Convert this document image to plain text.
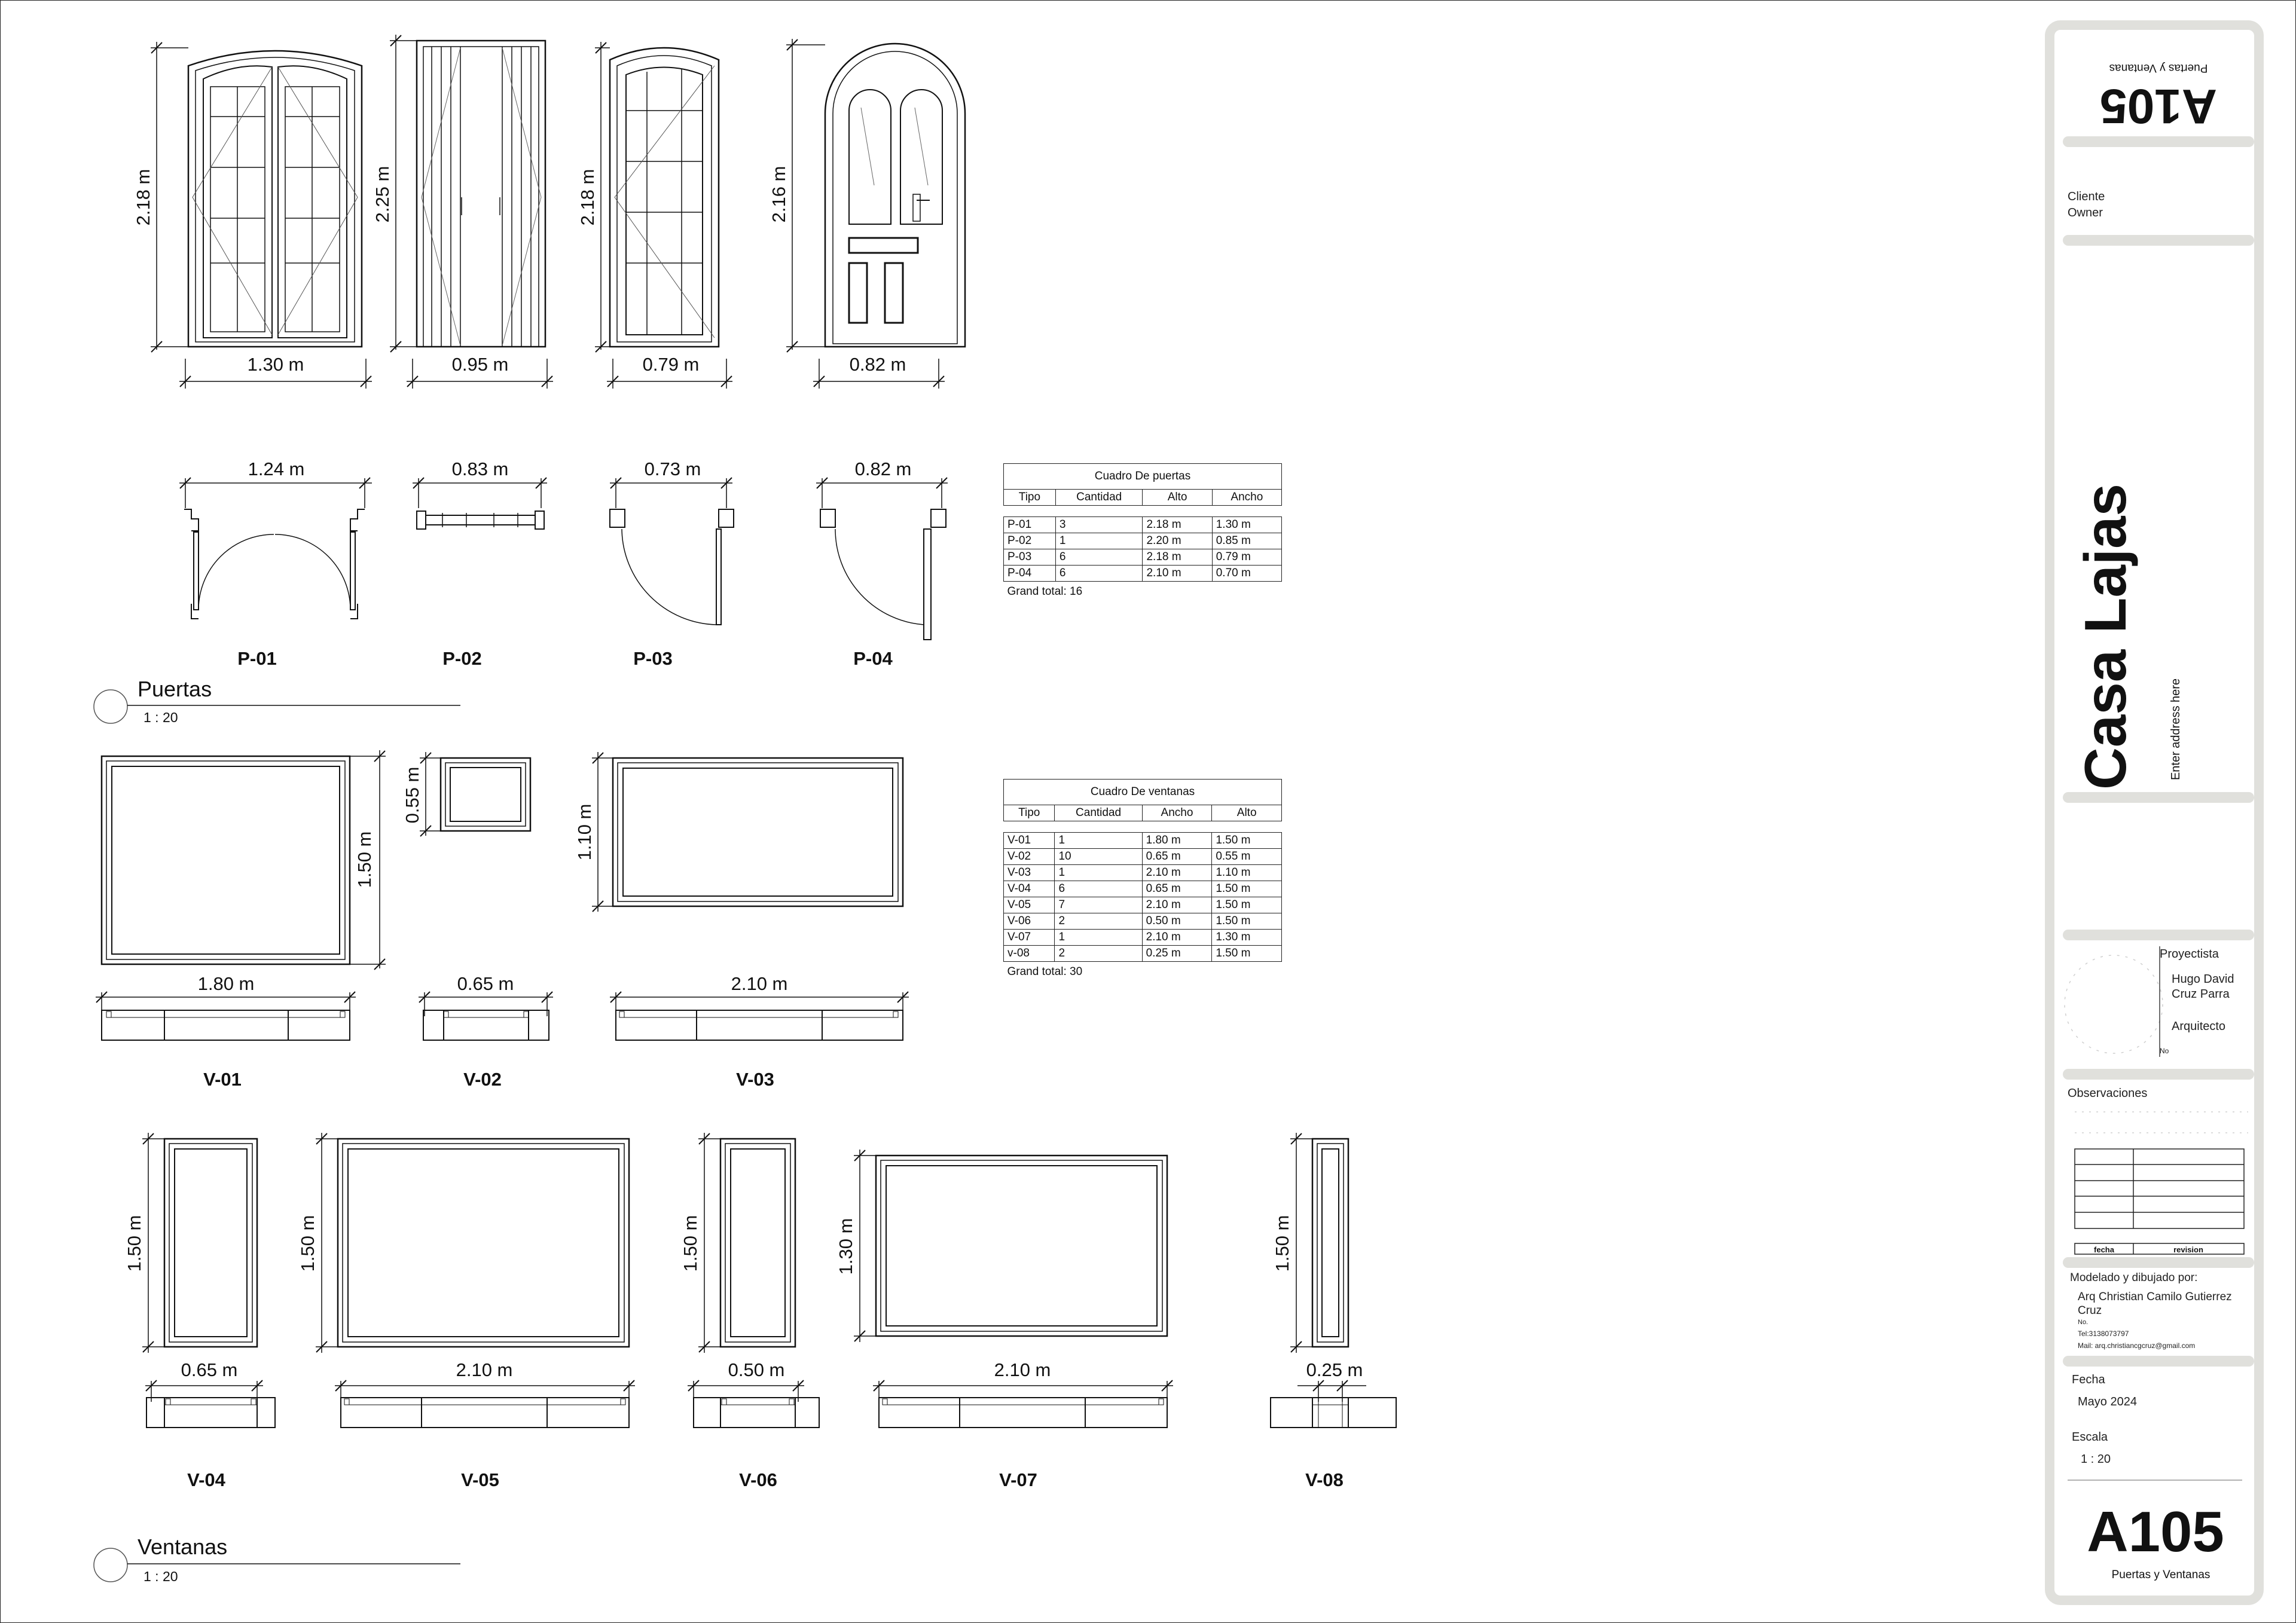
2.18 m	2.25 m	2.18 m	2.16 m
1.30 m	0.95 m	0.79 m	0.82 m
1.24 m	0.83 m	0.73 m	0.82 m
P-01	P-02	P-03	P-04
Puertas
1 : 20
1.50 m
0.55 m
1.10 m
1.80 m	0.65 m	2.10 m
V-01	V-02	V-03
1.50 m	1.50 m	1.50 m	1.30 m	1.50 m
0.65 m	2.10 m	0.50 m	2.10 m	0.25 m
V-04	V-05	V-06	V-07	V-08
Ventanas
1 : 20
A105
Puertas y Ventanas
Casa Lajas	Enter address here
fecha	revision
A105
Puertas y Ventanas
Cliente
Owner
Proyectista
Hugo David
Cruz Parra
Arquitecto
No
Observaciones
Modelado y dibujado por:
Arq Christian Camilo Gutierrez
Cruz
No.
Tel:3138073797
Mail: arq.christiancgcruz@gmail.com
Fecha
Mayo 2024
Escala
1 : 20
Cuadro De puertas			
Tipo	Cantidad	Alto	Ancho

P-01	3	2.18 m	1.30 m
P-02	1	2.20 m	0.85 m
P-03	6	2.18 m	0.79 m
P-04	6	2.10 m	0.70 m
Grand total: 16			
Cuadro De ventanas			
Tipo	Cantidad	Ancho	Alto

V-01	1	1.80 m	1.50 m
V-02	10	0.65 m	0.55 m
V-03	1	2.10 m	1.10 m
V-04	6	0.65 m	1.50 m
V-05	7	2.10 m	1.50 m
V-06	2	0.50 m	1.50 m
V-07	1	2.10 m	1.30 m
v-08	2	0.25 m	1.50 m
Grand total: 30			
